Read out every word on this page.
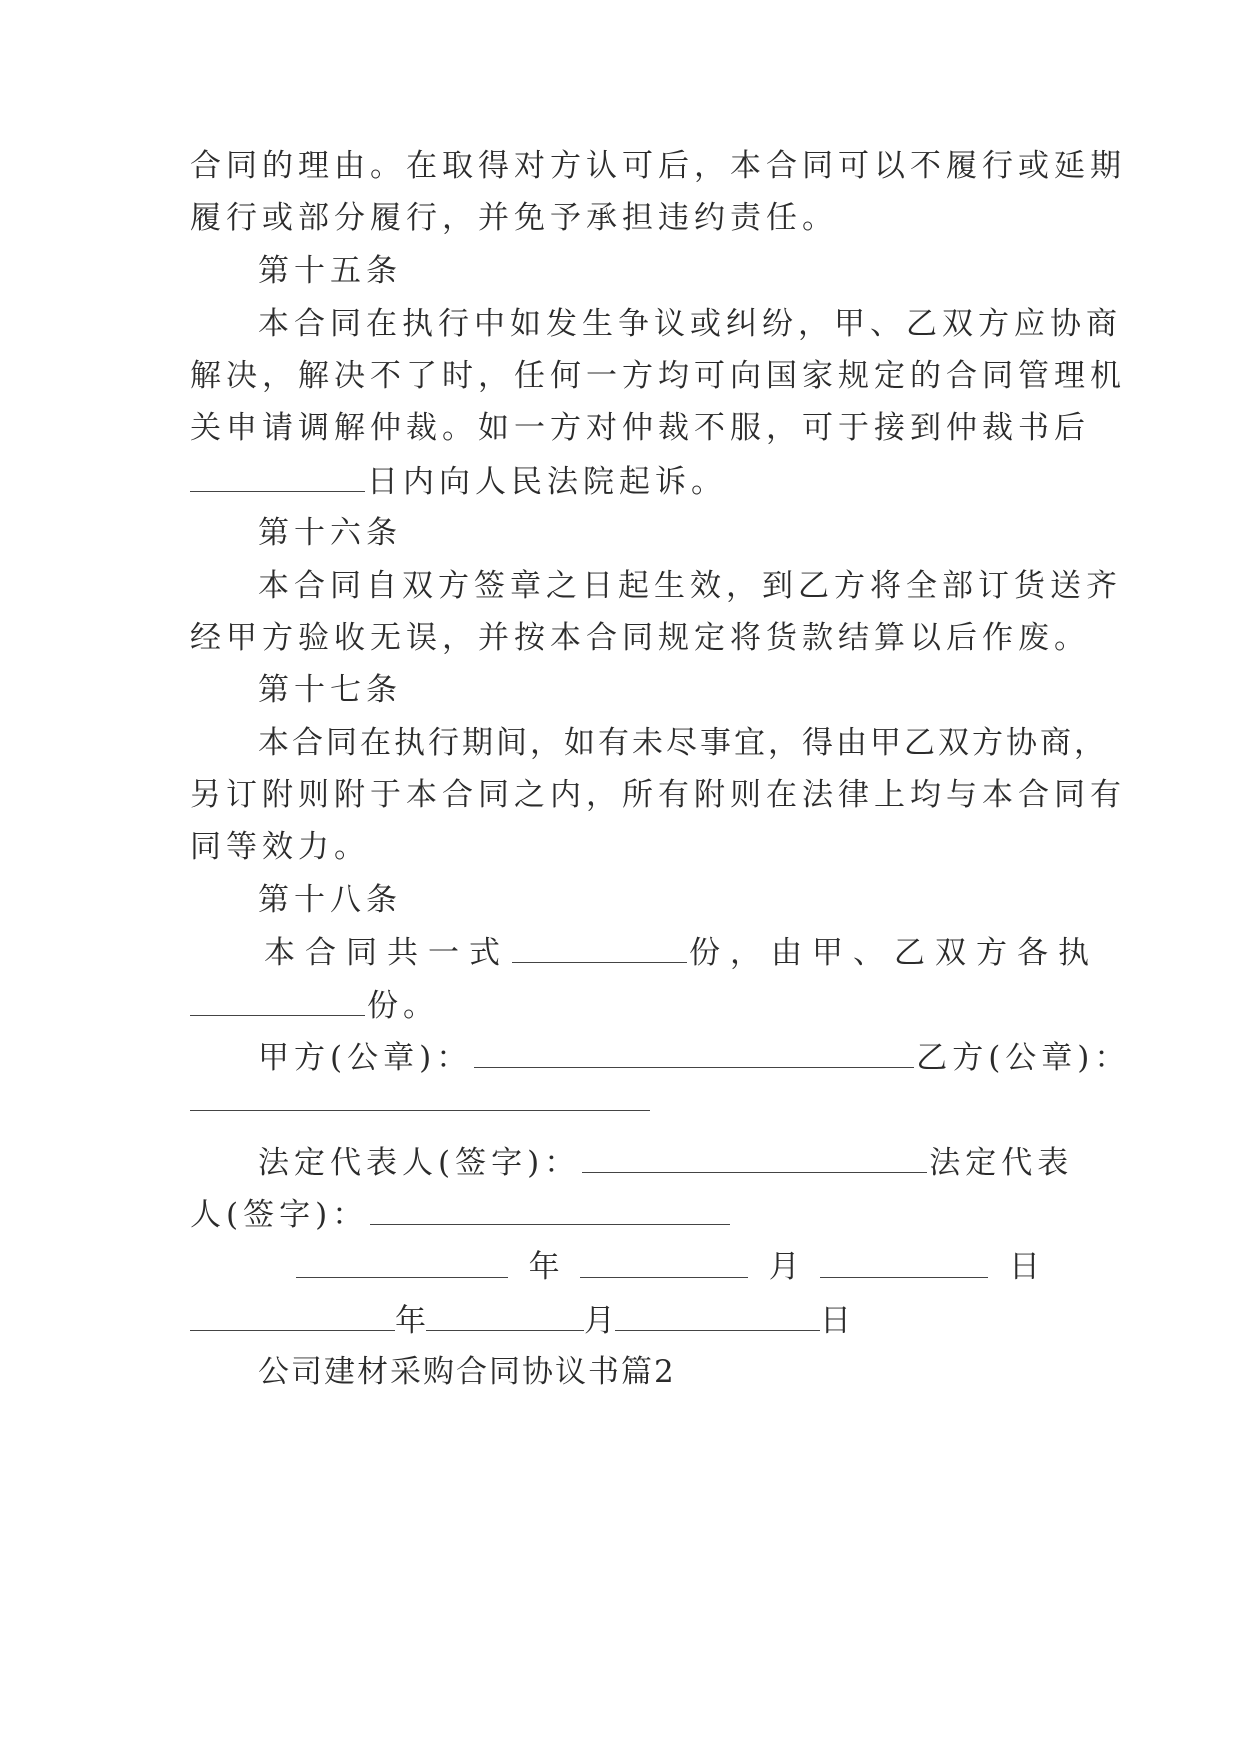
合同的理由。在取得对方认可后，本合同可以不履行或延期
履行或部分履行，并免予承担违约责任。
第十五条
本合同在执行中如发生争议或纠纷，甲、乙双方应协商
解决，解决不了时，任何一方均可向国家规定的合同管理机
关申请调解仲裁。如一方对仲裁不服，可于接到仲裁书后
日内向人民法院起诉。
第十六条
本合同自双方签章之日起生效，到乙方将全部订货送齐
经甲方验收无误，并按本合同规定将货款结算以后作废。
第十七条
本合同在执行期间，如有未尽事宜，得由甲乙双方协商，
另订附则附于本合同之内，所有附则在法律上均与本合同有
同等效力。
第十八条
本合同共一式	份，由甲、乙双方各执
份。
甲方(公章)：	乙方(公章)：
法定代表人(签字)：	法定代表
人(签字)：
年	月	日
年	月	日
公司建材采购合同协议书篇2
